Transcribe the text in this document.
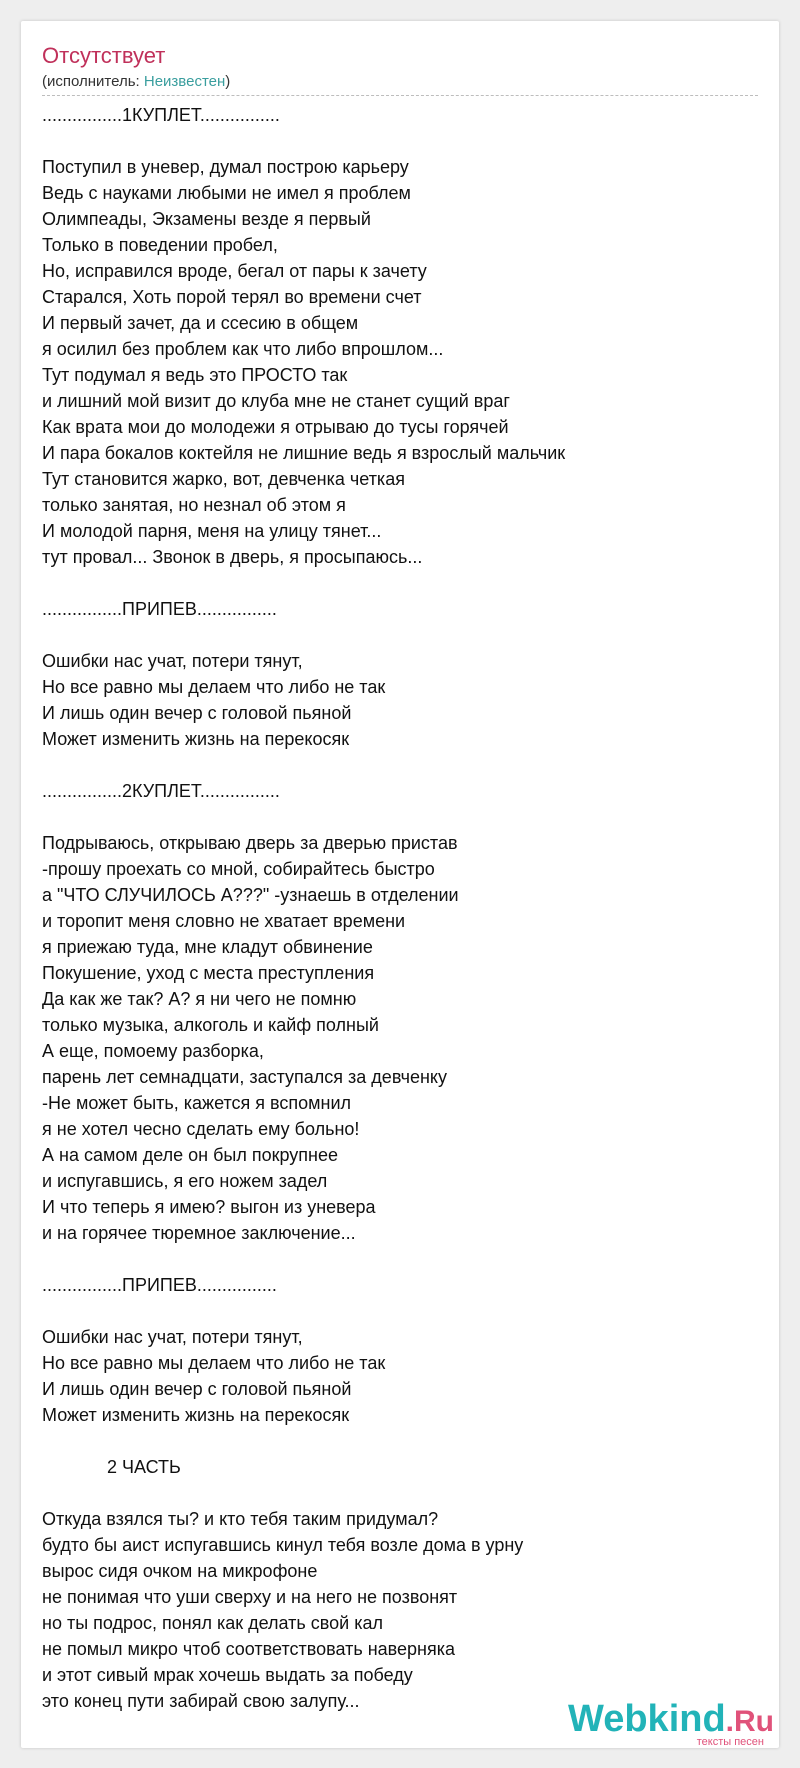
Отсутствует
(исполнитель: Неизвестен)
................1КУПЛЕТ................
Поступил в уневер, думал построю карьеру
Ведь с науками любыми не имел я проблем
Олимпеады, Экзамены везде я первый
Только в поведении пробел,
Но, исправился вроде, бегал от пары к зачету
Старался, Хоть порой терял во времени счет
И первый зачет, да и ссесию в общем
я осилил без проблем как что либо впрошлом...
Тут подумал я ведь это ПРОСТО так
и лишний мой визит до клуба мне не станет сущий враг
Как врата мои до молодежи я отрываю до тусы горячей
И пара бокалов коктейля не лишние ведь я взрослый мальчик
Тут становится жарко, вот, девченка четкая
только занятая, но незнал об этом я
И молодой парня, меня на улицу тянет...
тут провал... Звонок в дверь, я просыпаюсь...
................ПРИПЕВ................
Ошибки нас учат, потери тянут,
Но все равно мы делаем что либо не так
И лишь один вечер с головой пьяной
Может изменить жизнь на перекосяк
................2КУПЛЕТ................
Подрываюсь, открываю дверь за дверью пристав
-прошу проехать со мной, собирайтесь быстро
а "ЧТО СЛУЧИЛОСЬ А???" -узнаешь в отделении
и торопит меня словно не хватает времени
я приежаю туда, мне кладут обвинение
Покушение, уход с места преступления
Да как же так? А? я ни чего не помню
только музыка, алкоголь и кайф полный
А еще, помоему разборка,
парень лет семнадцати, заступался за девченку
-Не может быть, кажется я вспомнил
я не хотел чесно сделать ему больно!
А на самом деле он был покрупнее
и испугавшись, я его ножем задел
И что теперь я имею? выгон из уневера
и на горячее тюремное заключение...
................ПРИПЕВ................
Ошибки нас учат, потери тянут,
Но все равно мы делаем что либо не так
И лишь один вечер с головой пьяной
Может изменить жизнь на перекосяк
2 ЧАСТЬ
Откуда взялся ты? и кто тебя таким придумал?
будто бы аист испугавшись кинул тебя возле дома в урну
вырос сидя очком на микрофоне
не понимая что уши сверху и на него не позвонят
но ты подрос, понял как делать свой кал
не помыл микро чтоб соответствовать наверняка
и этот сивый мрак хочешь выдать за победу
это конец пути забирай свою залупу...	Webkind.Ru
тексты песен
